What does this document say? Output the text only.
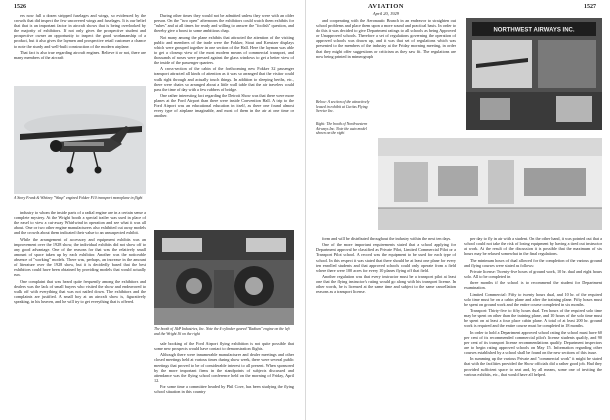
1526

ers now full a dozen stripped fuselages and wings, so evidenced by the crowds that did inspect the few uncovered wings and fuselages. It is our belief that that is an important factor in aircraft shows that is being overlooked by the majority of exhibitors. If not only gives the prospective student and prospective owner an opportunity to inspect the good workmanship of a product, but it also gives the laymen and prospective retail customer a chance to note the sturdy and well-built construction of the modern airplane.

That fact is also true regarding aircraft engines. Believe it or not, there are many members of the aircraft

A Story Frank & Whitney "Wasp" engined Fokker F10 transport monoplane in flight

industry to whom the inside parts of a radial engine are in a certain sense a complete mystery. At the Wright booth a special trailer was used in place of the easel to view a cut-away Whirlwind in operation and see what it was all about. One or two other engine manufacturers also exhibited cut away models and the crowds about them indicated their value to an unsuspected exhibit.

While the arrangement of accessory and equipment exhibits was an improvement over the 1928 show, the individual exhibits did not show off to any good advantage. One of the reasons for that was the relatively small amount of space taken up by each exhibitor. Another was the noticeable absence of "working" models. There was, perhaps, an increase in the amount of literature over the 1928 show, but it is decidedly based that the best exhibitors could have been obtained by providing models that would actually run.

One complaint that was heard quite frequently among the exhibitors and dealers was the lack of small buyers who visited the show and endeavored to walk off with everything that was not nailed down. The exhibitors and the complaints are justified. A small boy at an aircraft show is, figuratively speaking, in his heaven, and he will try to get everything that is offered.

During other times they would not be admitted unless they were with an older person. On the "two open" afternoons the exhibitors could watch them exhibits for "rubes" and at all times for ready and willing to answer the "foolish" question, and thereby give a boost to some ambitious chap.

Not many among the plane exhibits that attracted the attention of the visiting public and members of the trade were the Fokker, Stout and Kreutzer displays which were grouped together in one section of the Hall. Here the layman was able to get a closeup view of the most modern means of commercial transport, and thousands of noses were pressed against the glass windows to get a better view of the inside of the passenger quarters.

A cross-section of the cabin of the forthcoming new Fokker 32 passenger transport attracted all kinds of attention as it was so arranged that the visitor could walk right through and actually touch things. In addition to sleeping berths, etc., there were chairs so arranged about a little wall table that the air travelers could pass the time of day with a few rubbers of bridge.

One rather interesting fact regarding the Detroit Show was that there were more planes at the Ford Airport than there were inside Convention Hall. A trip to the Ford Airport was an educational education in itself, as there one found almost every type of airplane imaginable, and most of them in the air at one time or another.

The booth of J&P Industries, Inc. Note the 4-cylinder geared "Radium" engine on the left and the Wright J6 on the right

sale booking of the Ford Airport flying exhibition is not quite possible that some new prospects would have contact to demonstration flights.

Although there were innumerable manufacturer and dealer meetings and other closed meetings held at various times during show week, there were several public meetings that proved to be of considerable interest to all present. When sponsored by the more important firms in the standpoints of subjects discussed and attendance was the flying school conference held on the morning of Friday, April 12.

For some time a committee headed by Phil Cove, has been studying the flying school situation in this country

AVIATION
April 20, 1929
1527

and cooperating with the Aeronautic Branch in an endeavor to straighten out school problems and place them upon a more sound and practical basis. In order to do this it was decided to give Department ratings to all schools as being Approved or Unapproved schools. Therefore a set of regulations governing the operation of approved schools was drawn up, and it was that set of regulations which was presented to the members of the industry at the Friday morning meeting, in order that they might offer suggestions or criticism as they saw fit. The regulations are now being printed in mimeograph

Below: A section of the attractively leased in exhibit at Curtiss Flying Service Inc.
Right: The booth of Northwestern Airways Inc. Note the auto model shown on the right
NORTHWEST AIRWAYS INC.

form and will be distributed throughout the industry within the next ten days.

One of the more important requirements stated that a school applying for Department approval be classified as Private Pilot, Limited Commercial Pilot or a Transport Pilot school. A record was the equipment to be used for each type of school. In this respect it was stated that there should be at least one plane for every ten enrolled students and that approved schools could only operate from a field where there were 100 acres for every 10 planes flying off that field.

Another regulation was that every instructor must be a transport pilot at least one that the flying instructor's rating would go along with his transport license. In other words, he is licensed at the same time and subject to the same cancellation reasons as a transport license.

per day to fly in air with a student. On the other hand, it was pointed out that a school could not take the risk of losing equipment by having a tired out instructor at work. At the result of the discussion it is possible that the maximum of six hours may be relaxed somewhat in the final regulations.

The minimum hours of dual allowed for the completion of the various ground and flying courses were stated as follows:

Private license: Twenty-five hours of ground work, 10 hr. dual and eight hours solo. All to be completed in

three months if the school is to recommend the student for Department examination.

Limited Commercial: Fifty to twenty hours dual, and 10 hr. of the required solo time must be on a cabin plane and after the training plane. Fifty hours must be spent on ground work and the entire course completed in six months.

Transport: Thirty-five to fifty hours dual. Ten hours of the required solo time may be spent on other than the training plane, and 10 hours of the solo time must be spent on at least a four place cabin plane. A total of at least 200 hr. ground work is required and the entire course must be completed in 18 months.

In order to hold a Department approved school rating the school must have 60 per cent of its recommended commercial pilot's license students qualify, and 90 per cent of its transport license recommendations qualify. Department inspectors are to begin rating approved schools on May 15. Information regarding other courses established by a school shall be found on the new sections of this issue.

In summing up the various Private and "commercial work" it might be stated that with the facilities provided the Show officials did a rather good job. Had they provided sufficient space to seat and, by all means, some one of inviting the various exhibits, etc., that would have all helped.
